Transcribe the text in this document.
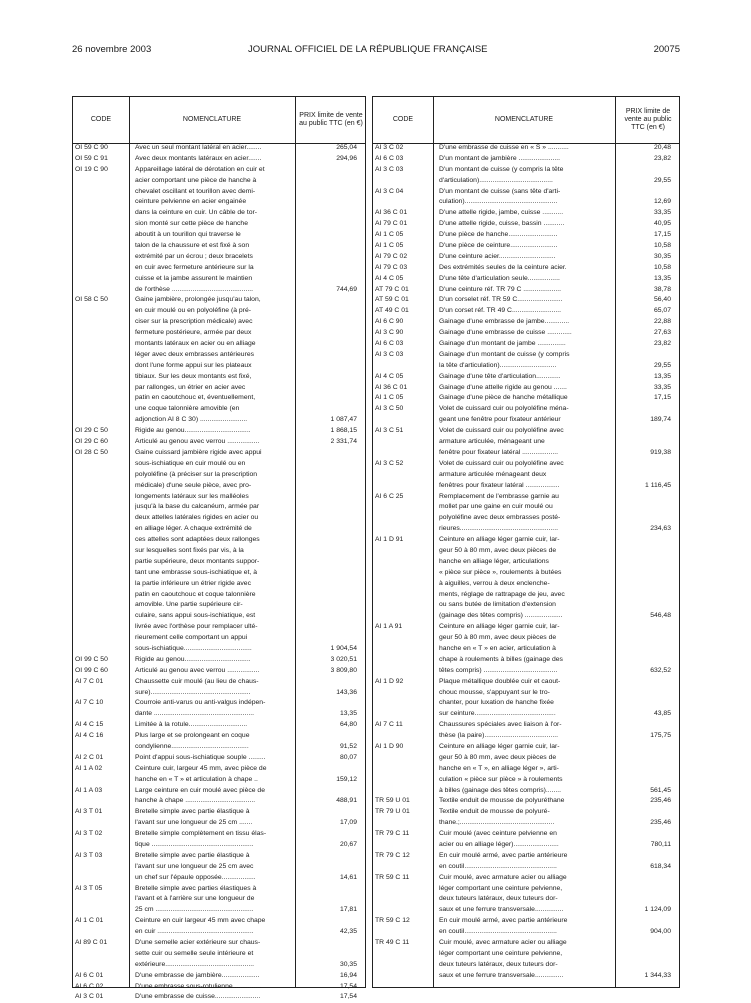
26 novembre 2003	JOURNAL OFFICIEL DE LA RÉPUBLIQUE FRANÇAISE	20075
CODE	NOMENCLATURE
PRIX limite de vente au public TTC (en €)
OI 59 C 90	Avec un seul montant latéral en acier........	265,04
OI 59 C 91	Avec deux montants latéraux en acier.......	294,96
OI 19 C 90	Appareillage latéral de dérotation en cuir et
acier comportant une pièce de hanche à
chevalet oscillant et tourillon avec demi-
ceinture pelvienne en acier engainée
dans la ceinture en cuir. Un câble de tor-
sion monté sur cette pièce de hanche
aboutit à un tourillon qui traverse le
talon de la chaussure et est fixé à son
extrémité par un écrou ; deux bracelets
en cuir avec fermeture antérieure sur la
cuisse et la jambe assurent le maintien
de l'orthèse ...........................................	744,69
OI 58 C 50	Gaine jambière, prolongée jusqu'au talon,
en cuir moulé ou en polyoléfine (à pré-
ciser sur la prescription médicale) avec
fermeture postérieure, armée par deux
montants latéraux en acier ou en alliage
léger avec deux embrasses antérieures
dont l'une forme appui sur les plateaux
tibiaux. Sur les deux montants est fixé,
par rallonges, un étrier en acier avec
patin en caoutchouc et, éventuellement,
une coque talonnière amovible (en
adjonction AI 8 C 30) .........................	1 087,47
OI 29 C 50	Rigide au genou...................................	1 868,15
OI 29 C 60	Articulé au genou avec verrou .................	2 331,74
OI 28 C 50	Gaine cuissard jambière rigide avec appui
sous-ischiatique en cuir moulé ou en
polyoléfine (à préciser sur la prescription
médicale) d'une seule pièce, avec pro-
longements latéraux sur les malléoles
jusqu'à la base du calcanéum, armée par
deux attelles latérales rigides en acier ou
en alliage léger. A chaque extrémité de
ces attelles sont adaptées deux rallonges
sur lesquelles sont fixés par vis, à la
partie supérieure, deux montants suppor-
tant une embrasse sous-ischiatique et, à
la partie inférieure un étrier rigide avec
patin en caoutchouc et coque talonnière
amovible. Une partie supérieure cir-
culaire, sans appui sous-ischiatique, est
livrée avec l'orthèse pour remplacer ulté-
rieurement celle comportant un appui
sous-ischiatique....................................	1 904,54
OI 99 C 50	Rigide au genou...................................	3 020,51
OI 99 C 60	Articulé au genou avec verrou .................	3 809,80
AI 7 C 01	Chaussette cuir moulé (au lieu de chaus-
sure).....................................................	143,36
AI 7 C 10	Courroie anti-varus ou anti-valgus indépen-
dante .....................................................	13,35
AI 4 C 15	Limitée à la rotule...............................	64,80
AI 4 C 16	Plus large et se prolongeant en coque
condylienne.........................................	91,52
AI 2 C 01	Point d'appui sous-ischiatique souple .........	80,07
AI 1 A 02	Ceinture cuir, largeur 45 mm, avec pièce de
hanche en « T » et articulation à chape ..	159,12
AI 1 A 03	Large ceinture en cuir moulé avec pièce de
hanche à chape .....................................	488,91
AI 3 T 01	Bretelle simple avec partie élastique à
l'avant sur une longueur de 25 cm .......	17,09
AI 3 T 02	Bretelle simple complètement en tissu élas-
tique ......................................................	20,67
AI 3 T 03	Bretelle simple avec partie élastique à
l'avant sur une longueur de 25 cm avec
un chef sur l'épaule opposée..................	14,61
AI 3 T 05	Bretelle simple avec parties élastiques à
l'avant et à l'arrière sur une longueur de
25 cm ....................................................	17,81
AI 1 C 01	Ceinture en cuir largeur 45 mm avec chape
en cuir ...................................................	42,35
AI 89 C 01	D'une semelle acier extérieure sur chaus-
sette cuir ou semelle seule intérieure et
extérieure...............................................	30,35
AI 6 C 01	D'une embrasse de jambière....................	16,94
AI 6 C 02	D'une embrasse sous-rotulienne...............	17,54
AI 3 C 01	D'une embrasse de cuisse........................	17,54
CODE	NOMENCLATURE
PRIX limite de vente au public TTC (en €)
AI 3 C 02	D'une embrasse de cuisse en « S » ...........	20,48
AI 6 C 03	D'un montant de jambière ......................	23,82
AI 3 C 03	D'un montant de cuisse (y compris la tête
d'articulation).......................................	29,55
AI 3 C 04	D'un montant de cuisse (sans tête d'arti-
culation).................................................	12,69
AI 36 C 01	D'une attelle rigide, jambe, cuisse ...........	33,35
AI 79 C 01	D'une attelle rigide, cuisse, bassin ...........	40,95
AI 1 C 05	D'une pièce de hanche..........................	17,15
AI 1 C 05	D'une pièce de ceinture.........................	10,58
AI 79 C 02	D'une ceinture acier..............................	30,35
AI 79 C 03	Des extrémités seules de la ceinture acier.	10,58
AI 4 C 05	D'une tête d'articulation seule.................	13,35
AT 79 C 01	D'une ceinture réf. TR 79 C ....................	38,78
AT 59 C 01	D'un corselet réf. TR 59 C........................	56,40
AT 49 C 01	D'un corset réf. TR 49 C..........................	65,07
AI 6 C 90	Gainage d'une embrasse de jambe.............	22,88
AI 3 C 90	Gainage d'une embrasse de cuisse .............	27,63
AI 6 C 03	Gainage d'un montant de jambe ...............	23,82
AI 3 C 03	Gainage d'un montant de cuisse (y compris
la tête d'articulation)..............................	29,55
AI 4 C 05	Gainage d'une tête d'articulation.............	13,35
AI 36 C 01	Gainage d'une attelle rigide au genou .......	33,35
AI 1 C 05	Gainage d'une pièce de hanche métallique	17,15
AI 3 C 50	Volet de cuissard cuir ou polyoléfine ména-
geant une fenêtre pour fixateur antérieur	189,74
AI 3 C 51	Volet de cuissard cuir ou polyoléfine avec
armature articulée, ménageant une
fenêtre pour fixateur latéral ...................	919,38
AI 3 C 52	Volet de cuissard cuir ou polyoléfine avec
armature articulée ménageant deux
fenêtres pour fixateur latéral ..................	1 116,45
AI 6 C 25	Remplacement de l'embrasse garnie au
mollet par une gaine en cuir moulé ou
polyoléfine avec deux embrasses posté-
rieures....................................................	234,63
AI 1 D 91	Ceinture en alliage léger garnie cuir, lar-
geur 50 à 80 mm, avec deux pièces de
hanche en alliage léger, articulations
« pièce sur pièce », roulements à butées
à aiguilles, verrou à deux enclenche-
ments, réglage de rattrapage de jeu, avec
ou sans butée de limitation d'extension
(gainage des têtes compris) ....................	546,48
AI 1 A 91	Ceinture en alliage léger garnie cuir, lar-
geur 50 à 80 mm, avec deux pièces de
hanche en « T » en acier, articulation à
chape à roulements à billes (gainage des
têtes compris) .......................................	632,52
AI 1 D 92	Plaque métallique doublée cuir et caout-
chouc mousse, s'appuyant sur le tro-
chanter, pour luxation de hanche fixée
sur ceinture...........................................	43,85
AI 7 C 11	Chaussures spéciales avec liaison à l'or-
thèse (la paire).......................................	175,75
AI 1 D 90	Ceinture en alliage léger garnie cuir, lar-
geur 50 à 80 mm, avec deux pièces de
hanche en « T », en alliage léger », arti-
culation « pièce sur pièce » à roulements
à billes (gainage des têtes compris)........	561,45
TR 59 U 01	Textile enduit de mousse de polyuréthane	235,46
TR 79 U 01	Textile enduit de mousse de polyuré-
thane.;..................................................	235,46
TR 79 C 11	Cuir moulé (avec ceinture pelvienne en
acier ou en alliage léger)........................	780,11
TR 79 C 12	En cuir moulé armé, avec partie antérieure
en coutil.................................................	618,34
TR 59 C 11	Cuir moulé, avec armature acier ou alliage
léger comportant une ceinture pelvienne,
deux tuteurs latéraux, deux tuteurs dor-
saux et une ferrure transversale...............	1 124,09
TR 59 C 12	En cuir moulé armé, avec partie antérieure
en coutil.................................................	904,00
TR 49 C 11	Cuir moulé, avec armature acier ou alliage
léger comportant une ceinture pelvienne,
deux tuteurs latéraux, deux tuteurs dor-
saux et une ferrure transversale...............	1 344,33
